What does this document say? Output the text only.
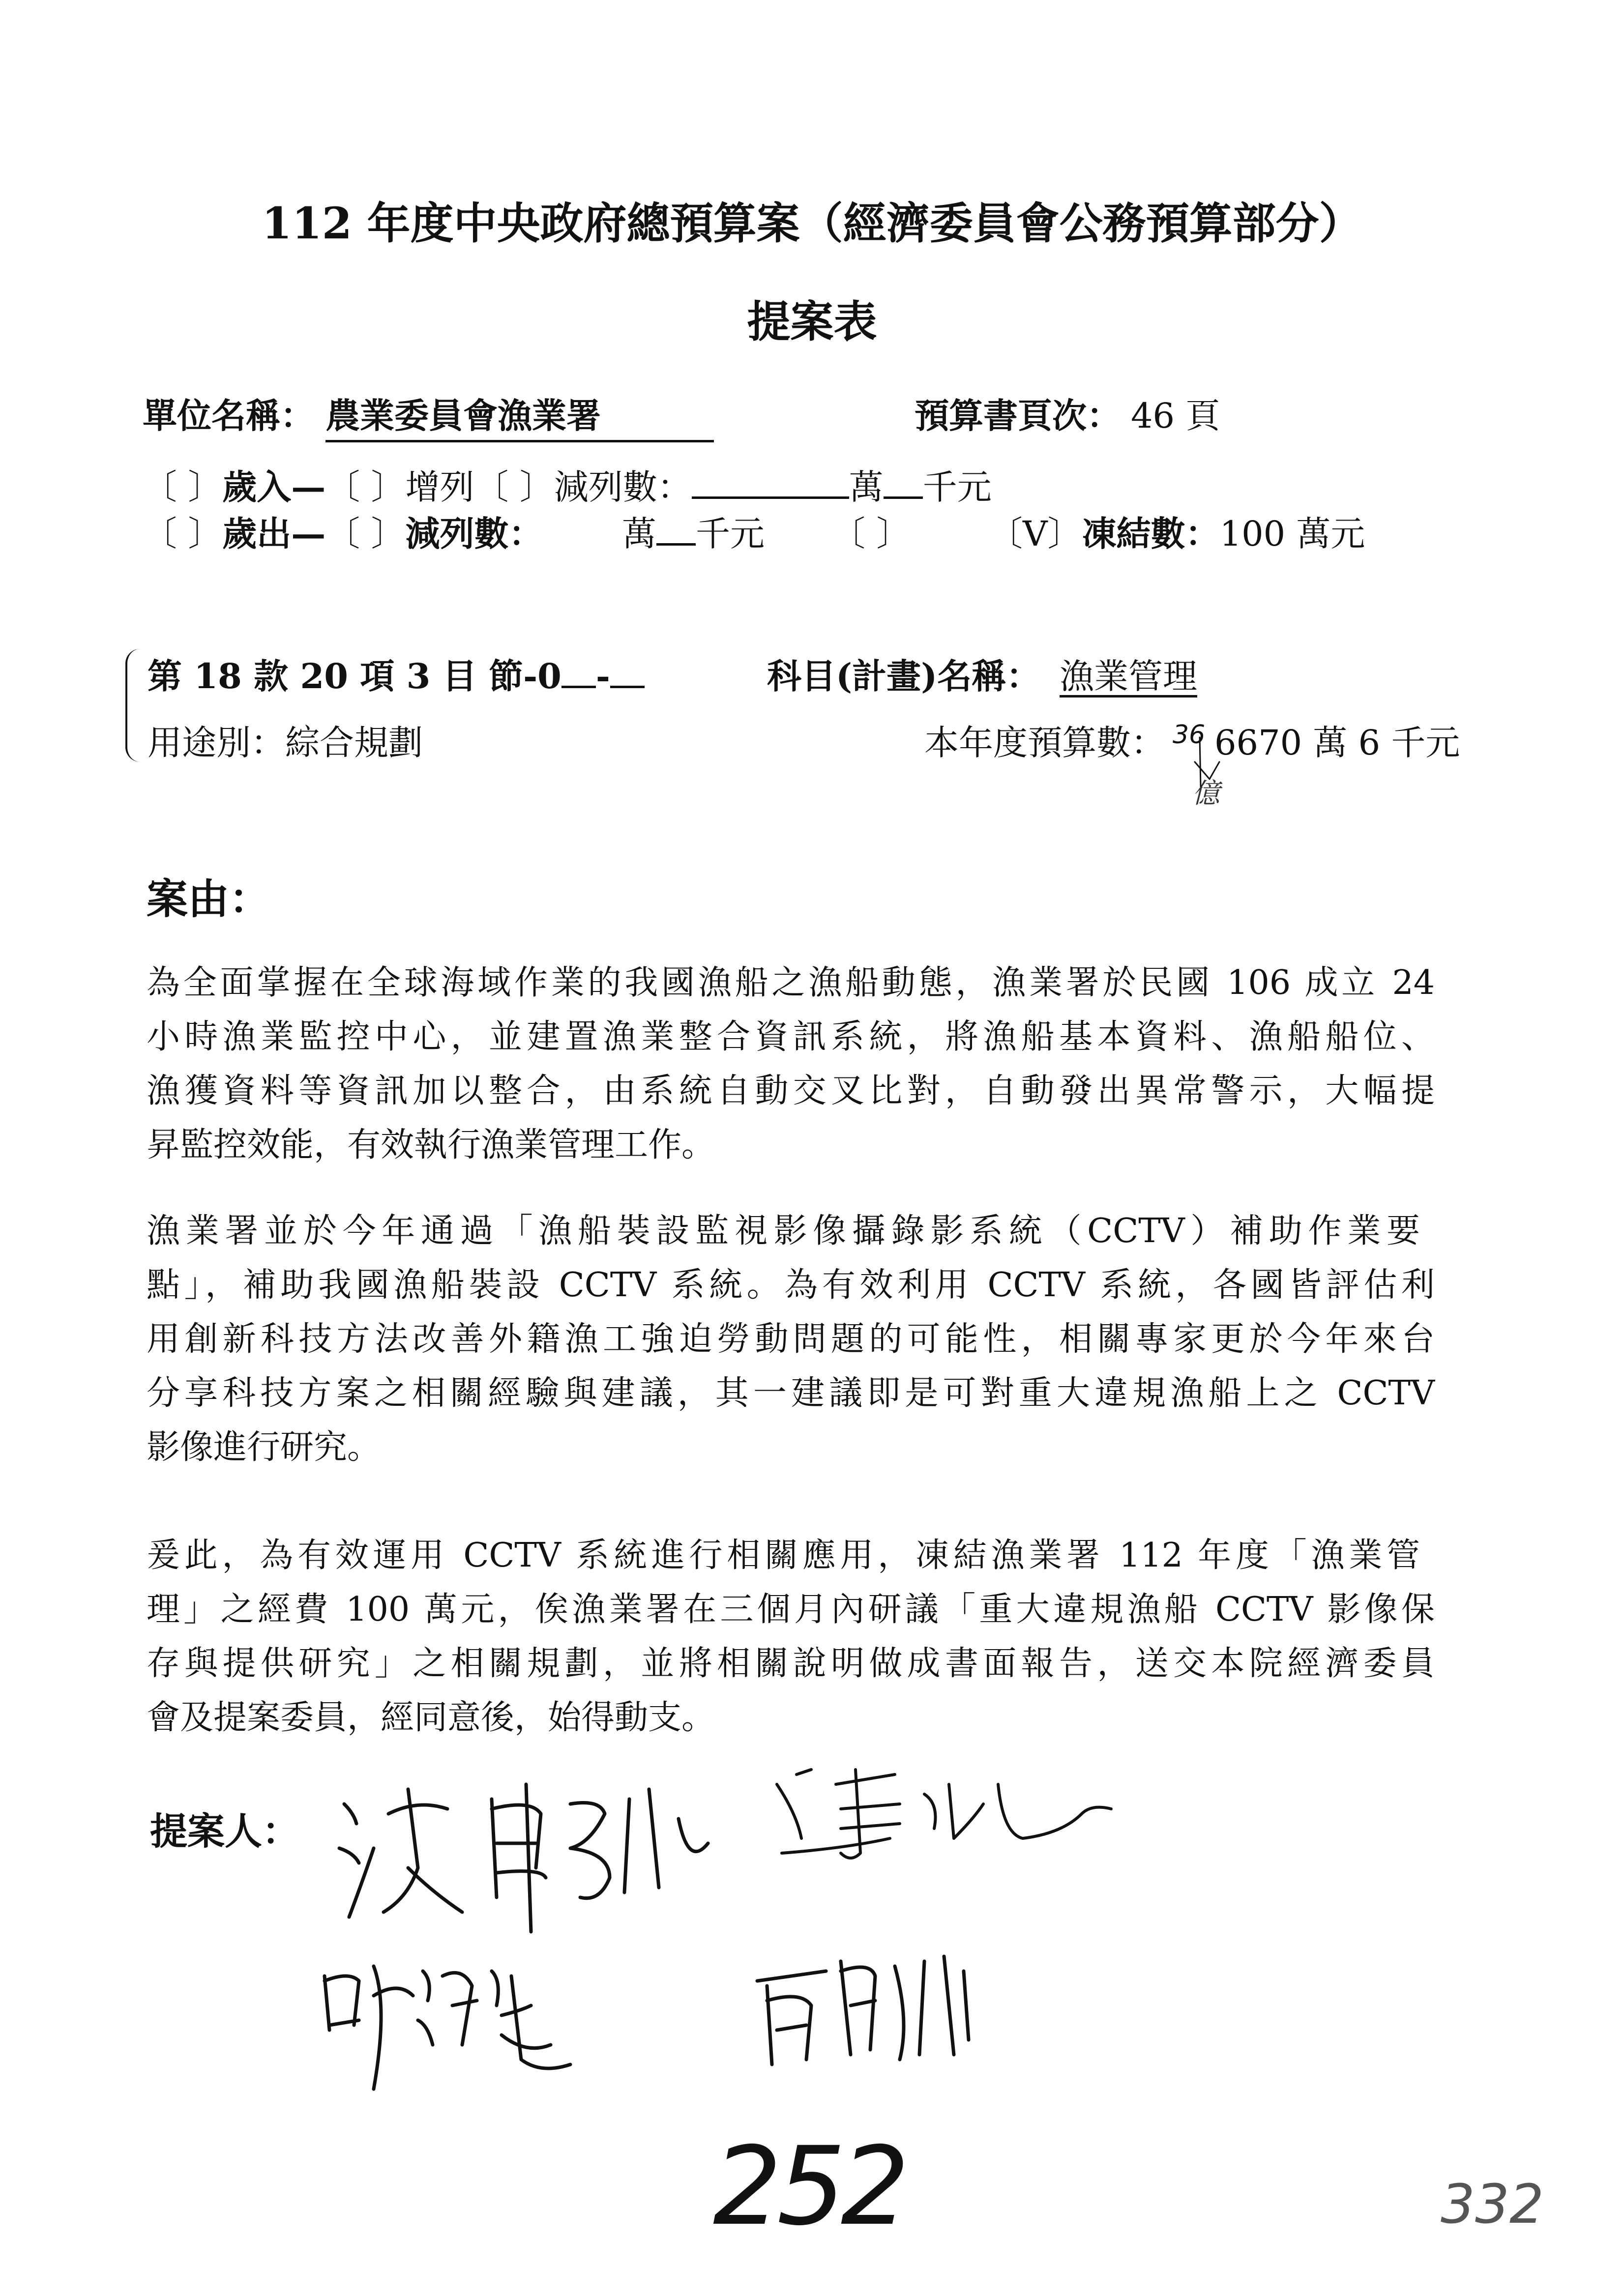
112 年度中央政府總預算案（經濟委員會公務預算部分）
提案表
單位名稱： 農業委員會漁業署	預算書頁次： 46 頁
〔 〕歲入—〔 〕增列〔 〕減列數：	萬 千元
〔 〕歲出—〔 〕減列數： 萬 千元 〔 〕 〔V〕凍結數：100 萬元
第 18 款 20 項 3 目 節-0 -	科目(計畫)名稱： 漁業管理
用途別：綜合規劃	本年度預算數： 36 6670 萬 6 千元
億
案由：
為全面掌握在全球海域作業的我國漁船之漁船動態，漁業署於民國 106 成立 24
小時漁業監控中心，並建置漁業整合資訊系統，將漁船基本資料、漁船船位、
漁獲資料等資訊加以整合，由系統自動交叉比對，自動發出異常警示，大幅提
昇監控效能，有效執行漁業管理工作。
漁業署並於今年通過「漁船裝設監視影像攝錄影系統（CCTV）補助作業要
點」，補助我國漁船裝設 CCTV 系統。為有效利用 CCTV 系統，各國皆評估利
用創新科技方法改善外籍漁工強迫勞動問題的可能性，相關專家更於今年來台
分享科技方案之相關經驗與建議，其一建議即是可對重大違規漁船上之 CCTV
影像進行研究。
爰此，為有效運用 CCTV 系統進行相關應用，凍結漁業署 112 年度「漁業管
理」之經費 100 萬元，俟漁業署在三個月內研議「重大違規漁船 CCTV 影像保
存與提供研究」之相關規劃，並將相關說明做成書面報告，送交本院經濟委員
會及提案委員，經同意後，始得動支。
提案人：
252	332
